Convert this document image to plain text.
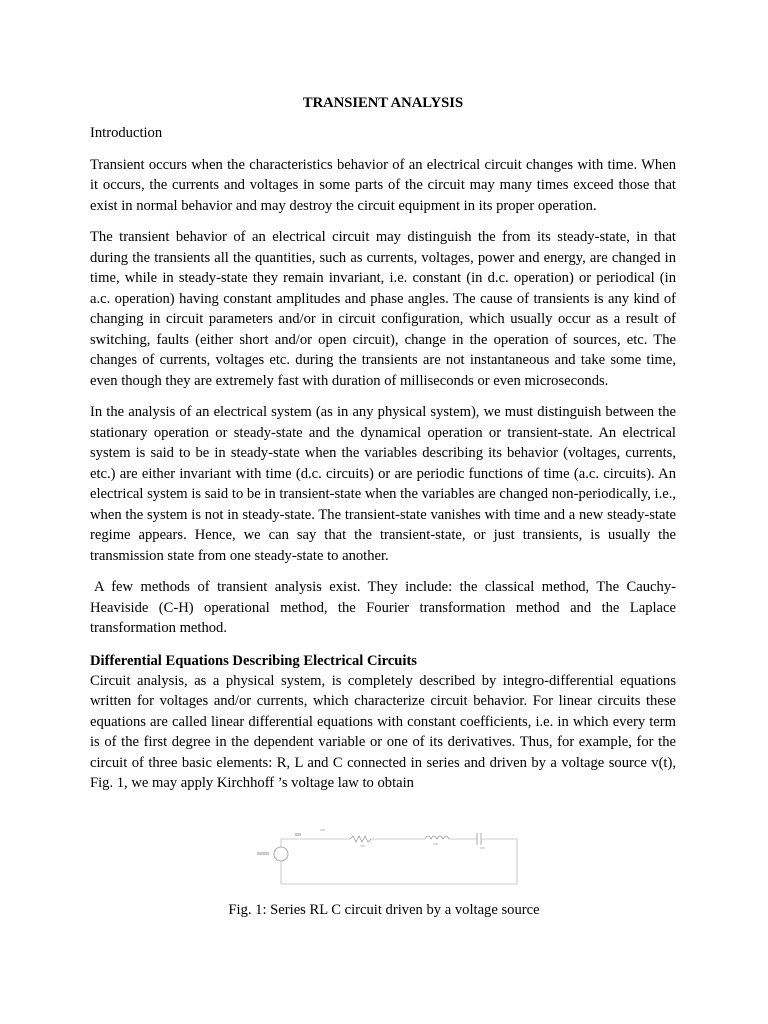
TRANSIENT ANALYSIS
Introduction

Transient occurs when the characteristics behavior of an electrical circuit changes with time. When it occurs, the currents and voltages in some parts of the circuit may many times exceed those that exist in normal behavior and may destroy the circuit equipment in its proper operation.

The transient behavior of an electrical circuit may distinguish the from its steady-state, in that during the transients all the quantities, such as currents, voltages, power and energy, are changed in time, while in steady-state they remain invariant, i.e. constant (in d.c. operation) or periodical (in a.c. operation) having constant amplitudes and phase angles. The cause of transients is any kind of changing in circuit parameters and/or in circuit configuration, which usually occur as a result of switching, faults (either short and/or open circuit), change in the operation of sources, etc. The changes of currents, voltages etc. during the transients are not instantaneous and take some time, even though they are extremely fast with duration of milliseconds or even microseconds.

In the analysis of an electrical system (as in any physical system), we must distinguish between the stationary operation or steady-state and the dynamical operation or transient-state. An electrical system is said to be in steady-state when the variables describing its behavior (voltages, currents, etc.) are either invariant with time (d.c. circuits) or are periodic functions of time (a.c. circuits). An electrical system is said to be in transient-state when the variables are changed non-periodically, i.e., when the system is not in steady-state. The transient-state vanishes with time and a new steady-state regime appears. Hence, we can say that the transient-state, or just transients, is usually the transmission state from one steady-state to another.

A few methods of transient analysis exist. They include: the classical method, The Cauchy-Heaviside (C-H) operational method, the Fourier transformation method and the Laplace transformation method.

Differential Equations Describing Electrical Circuits

Circuit analysis, as a physical system, is completely described by integro-differential equations written for voltages and/or currents, which characterize circuit behavior. For linear circuits these equations are called linear differential equations with constant coefficients, i.e. in which every term is of the first degree in the dependent variable or one of its derivatives. Thus, for example, for the circuit of three basic elements: R, L and C connected in series and driven by a voltage source v(t), Fig. 1, we may apply Kirchhoff ’s voltage law to obtain

Fig. 1: Series RL C circuit driven by a voltage source
